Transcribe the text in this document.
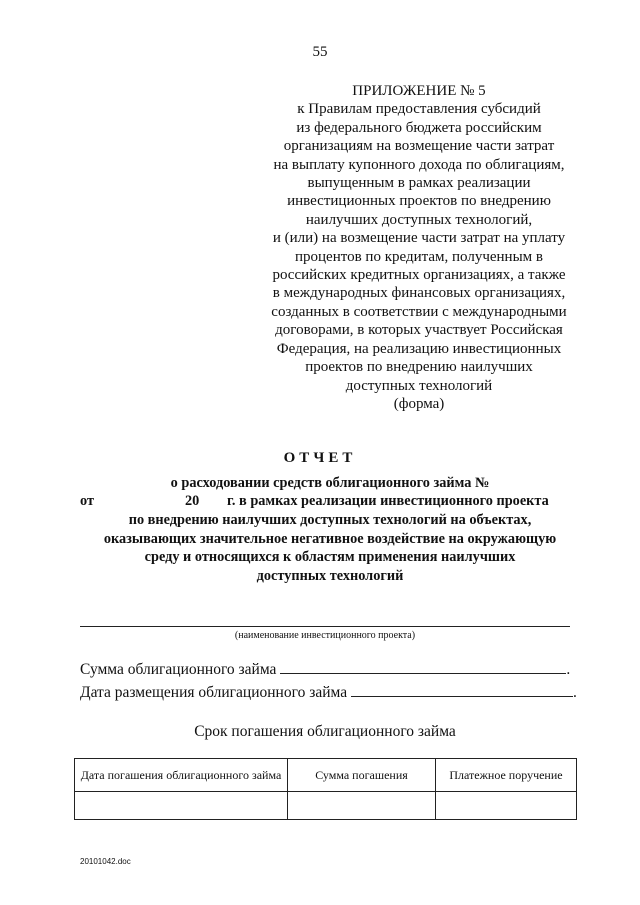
55
ПРИЛОЖЕНИЕ № 5
к Правилам предоставления субсидий
из федерального бюджета российским
организациям на возмещение части затрат
на выплату купонного дохода по облигациям,
выпущенным в рамках реализации
инвестиционных проектов по внедрению
наилучших доступных технологий,
и (или) на возмещение части затрат на уплату
процентов по кредитам, полученным в
российских кредитных организациях, а также
в международных финансовых организациях,
созданных в соответствии с международными
договорами, в которых участвует Российская
Федерация, на реализацию инвестиционных
проектов по внедрению наилучших
доступных технологий
(форма)
ОТЧЕТ
о расходовании средств облигационного займа №

по внедрению наилучших доступных технологий на объектах,
оказывающих значительное негативное воздействие на окружающую
среду и относящихся к областям применения наилучших
доступных технологий
от	20 г. в рамках реализации инвестиционного проекта
(наименование инвестиционного проекта)
Сумма облигационного займа	.
Дата размещения облигационного займа	.
Срок погашения облигационного займа
Дата погашения облигационного займа	Сумма погашения	Платежное поручение

20101042.doc
